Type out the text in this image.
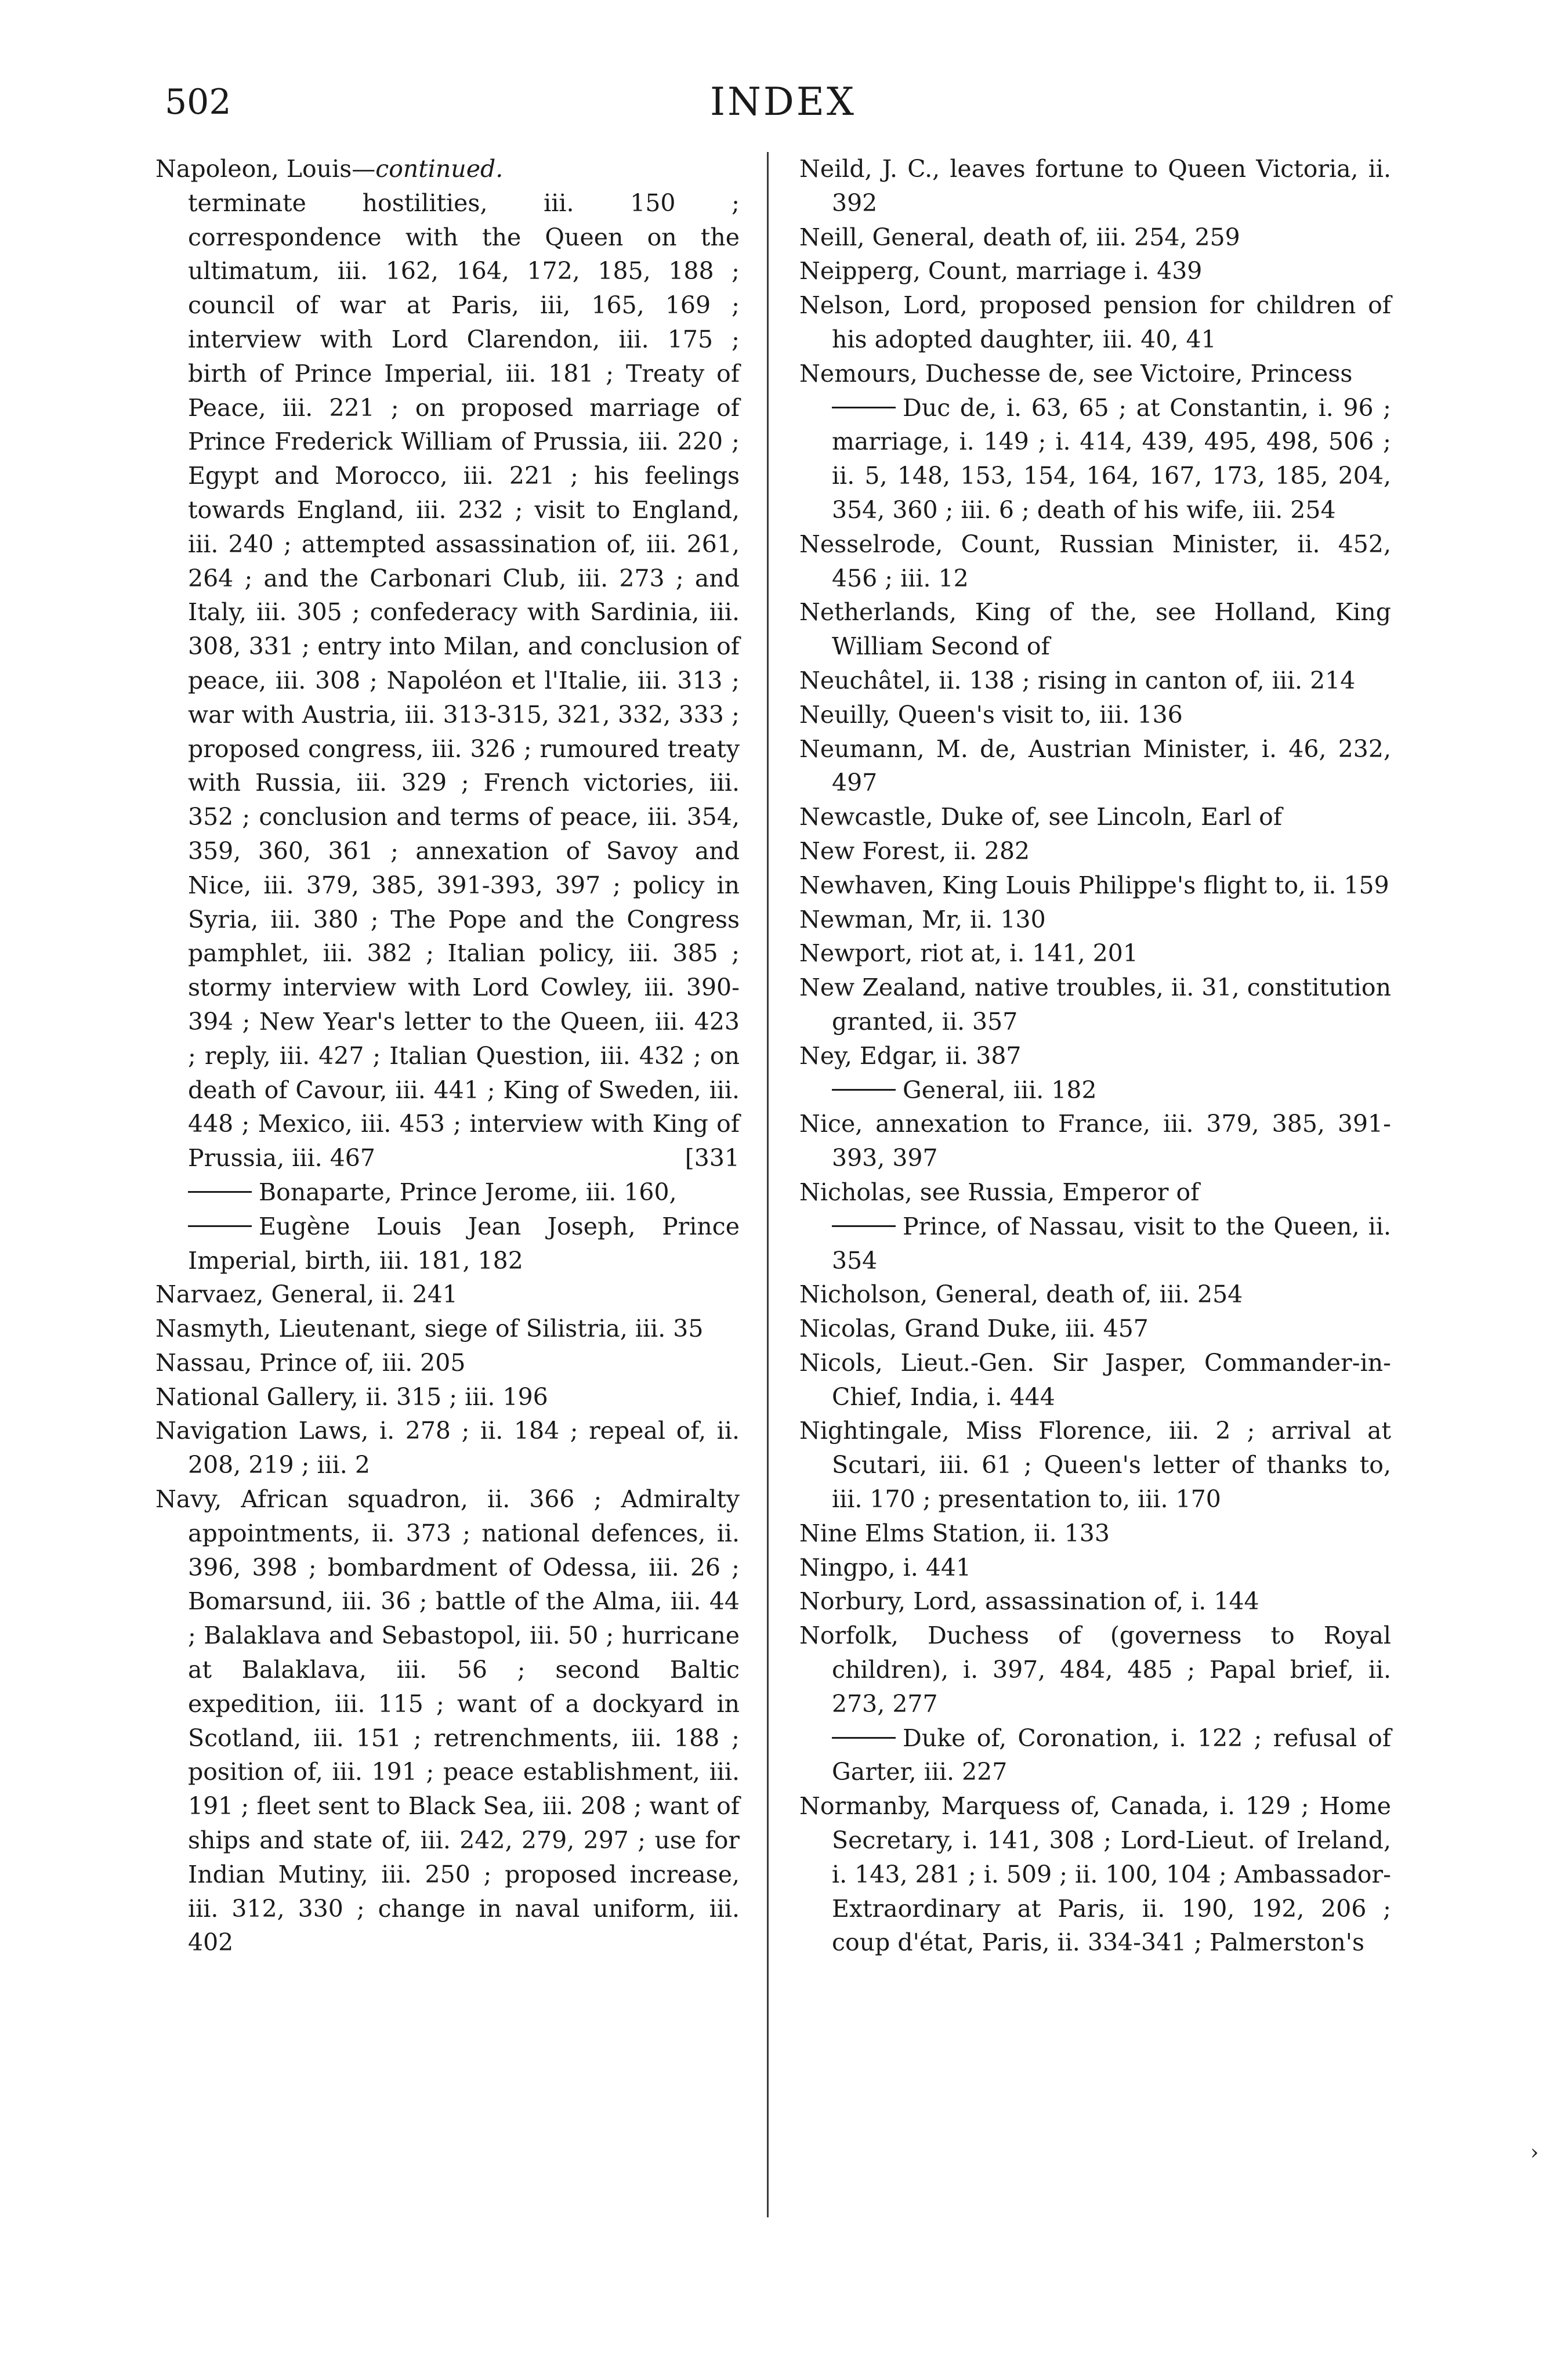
502	INDEX
Napoleon, Louis—continued.
terminate hostilities, iii. 150 ; correspondence with the Queen on the ultimatum, iii. 162, 164, 172, 185, 188 ; council of war at Paris, iii, 165, 169 ; interview with Lord Clarendon, iii. 175 ; birth of Prince Imperial, iii. 181 ; Treaty of Peace, iii. 221 ; on proposed marriage of Prince Frederick William of Prussia, iii. 220 ; Egypt and Morocco, iii. 221 ; his feelings towards England, iii. 232 ; visit to England, iii. 240 ; attempted assassination of, iii. 261, 264 ; and the Carbonari Club, iii. 273 ; and Italy, iii. 305 ; confederacy with Sardinia, iii. 308, 331 ; entry into Milan, and conclusion of peace, iii. 308 ; Napoléon et l'Italie, iii. 313 ; war with Austria, iii. 313-315, 321, 332, 333 ; proposed congress, iii. 326 ; rumoured treaty with Russia, iii. 329 ; French victories, iii. 352 ; conclusion and terms of peace, iii. 354, 359, 360, 361 ; annexation of Savoy and Nice, iii. 379, 385, 391-393, 397 ; policy in Syria, iii. 380 ; The Pope and the Congress pamphlet, iii. 382 ; Italian policy, iii. 385 ; stormy interview with Lord Cowley, iii. 390-394 ; New Year's letter to the Queen, iii. 423 ; reply, iii. 427 ; Italian Question, iii. 432 ; on death of Cavour, iii. 441 ; King of Sweden, iii. 448 ; Mexico, iii. 453 ; interview with King of Prussia, iii. 467	[331
Bonaparte, Prince Jerome, iii. 160,
Eugène Louis Jean Joseph, Prince Imperial, birth, iii. 181, 182
Narvaez, General, ii. 241
Nasmyth, Lieutenant, siege of Silistria, iii. 35
Nassau, Prince of, iii. 205
National Gallery, ii. 315 ; iii. 196
Navigation Laws, i. 278 ; ii. 184 ; repeal of, ii. 208, 219 ; iii. 2
Navy, African squadron, ii. 366 ; Admiralty appointments, ii. 373 ; national defences, ii. 396, 398 ; bombardment of Odessa, iii. 26 ; Bomarsund, iii. 36 ; battle of the Alma, iii. 44 ; Balaklava and Sebastopol, iii. 50 ; hurricane at Balaklava, iii. 56 ; second Baltic expedition, iii. 115 ; want of a dockyard in Scotland, iii. 151 ; retrenchments, iii. 188 ; position of, iii. 191 ; peace establishment, iii. 191 ; fleet sent to Black Sea, iii. 208 ; want of ships and state of, iii. 242, 279, 297 ; use for Indian Mutiny, iii. 250 ; proposed increase, iii. 312, 330 ; change in naval uniform, iii. 402
Neild, J. C., leaves fortune to Queen Victoria, ii. 392
Neill, General, death of, iii. 254, 259
Neipperg, Count, marriage i. 439
Nelson, Lord, proposed pension for children of his adopted daughter, iii. 40, 41
Nemours, Duchesse de, see Victoire, Princess
Duc de, i. 63, 65 ; at Constantin, i. 96 ; marriage, i. 149 ; i. 414, 439, 495, 498, 506 ; ii. 5, 148, 153, 154, 164, 167, 173, 185, 204, 354, 360 ; iii. 6 ; death of his wife, iii. 254
Nesselrode, Count, Russian Minister, ii. 452, 456 ; iii. 12
Netherlands, King of the, see Holland, King William Second of
Neuchâtel, ii. 138 ; rising in canton of, iii. 214
Neuilly, Queen's visit to, iii. 136
Neumann, M. de, Austrian Minister, i. 46, 232, 497
Newcastle, Duke of, see Lincoln, Earl of
New Forest, ii. 282
Newhaven, King Louis Philippe's flight to, ii. 159
Newman, Mr, ii. 130
Newport, riot at, i. 141, 201
New Zealand, native troubles, ii. 31, constitution granted, ii. 357
Ney, Edgar, ii. 387
General, iii. 182
Nice, annexation to France, iii. 379, 385, 391-393, 397
Nicholas, see Russia, Emperor of
Prince, of Nassau, visit to the Queen, ii. 354
Nicholson, General, death of, iii. 254
Nicolas, Grand Duke, iii. 457
Nicols, Lieut.-Gen. Sir Jasper, Commander-in-Chief, India, i. 444
Nightingale, Miss Florence, iii. 2 ; arrival at Scutari, iii. 61 ; Queen's letter of thanks to, iii. 170 ; presentation to, iii. 170
Nine Elms Station, ii. 133
Ningpo, i. 441
Norbury, Lord, assassination of, i. 144
Norfolk, Duchess of (governess to Royal children), i. 397, 484, 485 ; Papal brief, ii. 273, 277
Duke of, Coronation, i. 122 ; refusal of Garter, iii. 227
Normanby, Marquess of, Canada, i. 129 ; Home Secretary, i. 141, 308 ; Lord-Lieut. of Ireland, i. 143, 281 ; i. 509 ; ii. 100, 104 ; Ambassador-Extraordinary at Paris, ii. 190, 192, 206 ; coup d'état, Paris, ii. 334-341 ; Palmerston's
›
